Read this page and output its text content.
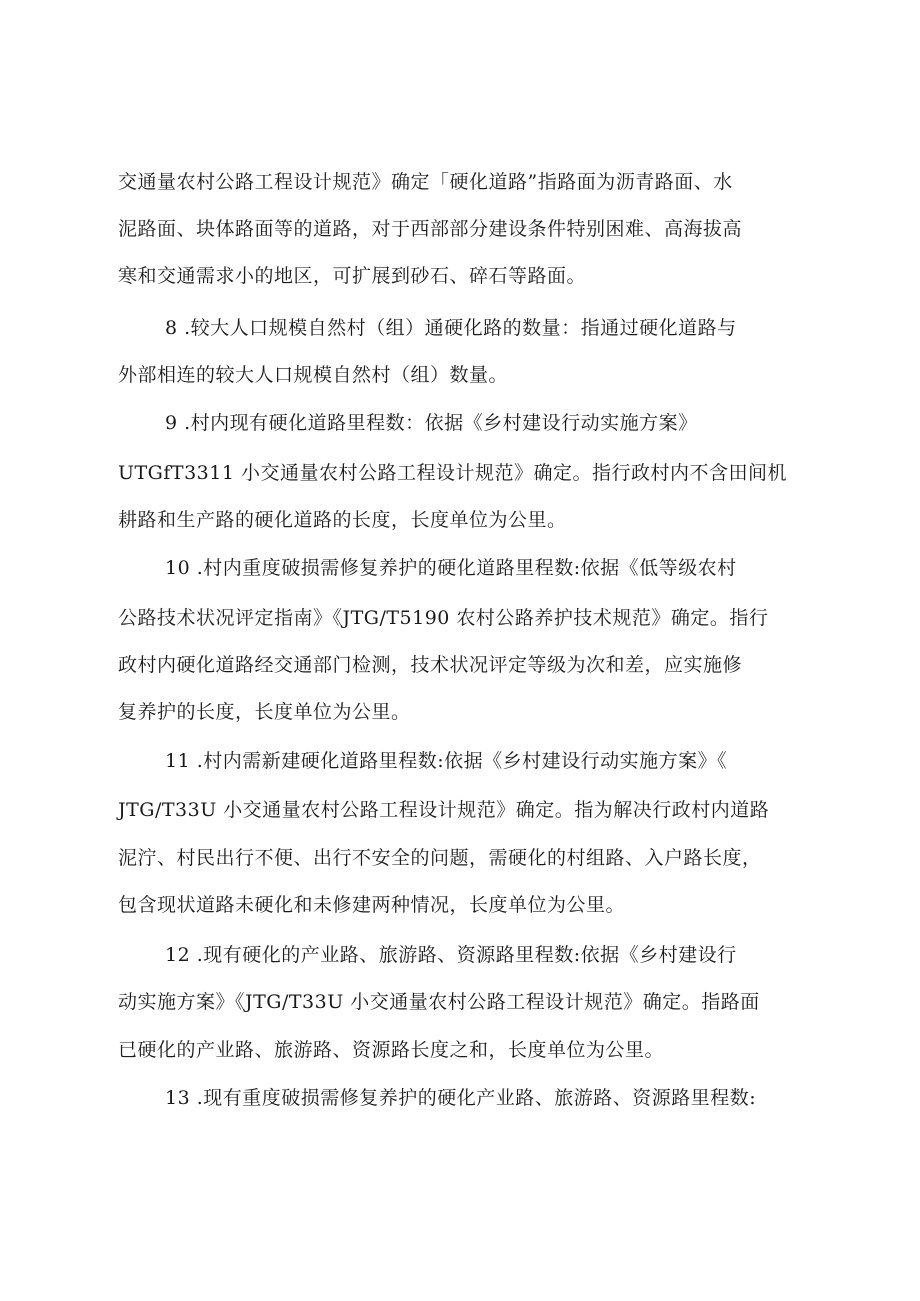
交通量农村公路工程设计规范》确定「硬化道路”指路面为沥青路面、水
泥路面、块体路面等的道路，对于西部部分建设条件特别困难、高海拔高
寒和交通需求小的地区，可扩展到砂石、碎石等路面。
8 .较大人口规模自然村（组）通硬化路的数量：指通过硬化道路与
外部相连的较大人口规模自然村（组）数量。
9 .村内现有硬化道路里程数：依据《乡村建设行动实施方案》
UTGfT3311 小交通量农村公路工程设计规范》确定。指行政村内不含田间机
耕路和生产路的硬化道路的长度，长度单位为公里。
10 .村内重度破损需修复养护的硬化道路里程数:依据《低等级农村
公路技术状况评定指南》《JTG/T5190 农村公路养护技术规范》确定。指行
政村内硬化道路经交通部门检测，技术状况评定等级为次和差，应实施修
复养护的长度，长度单位为公里。
11 .村内需新建硬化道路里程数:依据《乡村建设行动实施方案》《
JTG/T33U 小交通量农村公路工程设计规范》确定。指为解决行政村内道路
泥泞、村民出行不便、出行不安全的问题，需硬化的村组路、入户路长度，
包含现状道路未硬化和未修建两种情况，长度单位为公里。
12 .现有硬化的产业路、旅游路、资源路里程数:依据《乡村建设行
动实施方案》《JTG/T33U 小交通量农村公路工程设计规范》确定。指路面
已硬化的产业路、旅游路、资源路长度之和，长度单位为公里。
13 .现有重度破损需修复养护的硬化产业路、旅游路、资源路里程数:
